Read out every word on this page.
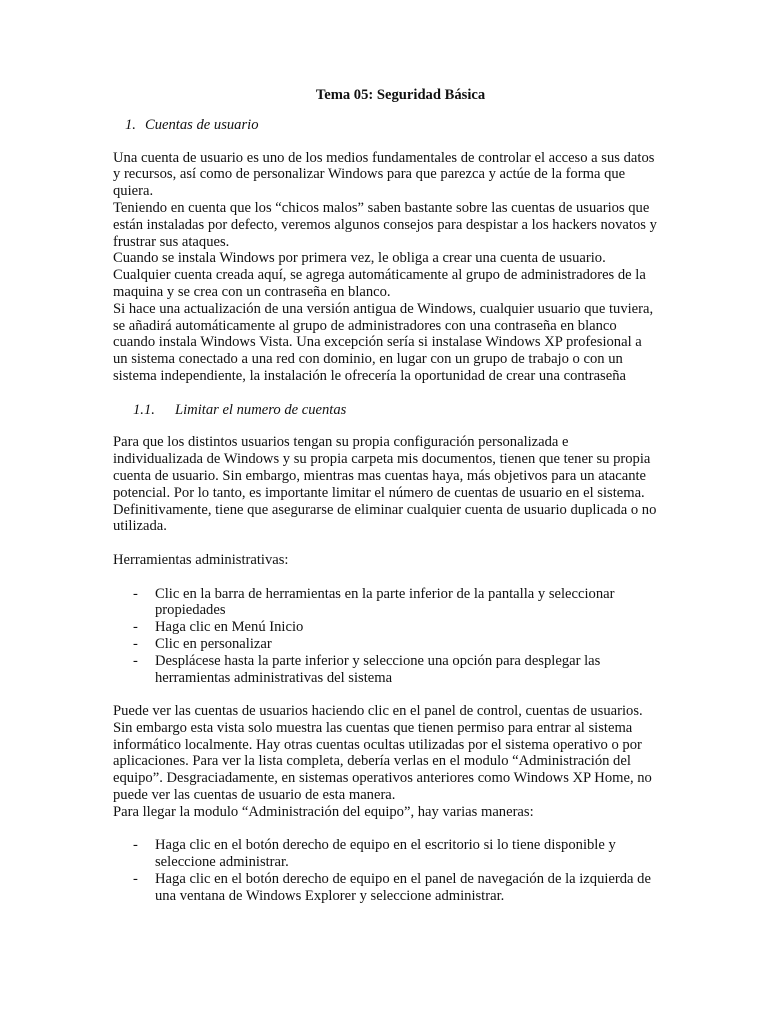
Tema 05: Seguridad Básica
1. Cuentas de usuario

Una cuenta de usuario es uno de los medios fundamentales de controlar el acceso a sus datos y recursos, así como de personalizar Windows para que parezca y actúe de la forma que quiera.

Teniendo en cuenta que los “chicos malos” saben bastante sobre las cuentas de usuarios que están instaladas por defecto, veremos algunos consejos para despistar a los hackers novatos y frustrar sus ataques.

Cuando se instala Windows por primera vez, le obliga a crear una cuenta de usuario. Cualquier cuenta creada aquí, se agrega automáticamente al grupo de administradores de la maquina y se crea con un contraseña en blanco.

Si hace una actualización de una versión antigua de Windows, cualquier usuario que tuviera, se añadirá automáticamente al grupo de administradores con una contraseña en blanco cuando instala Windows Vista. Una excepción sería si instalase Windows XP profesional a un sistema conectado a una red con dominio, en lugar con un grupo de trabajo o con un sistema independiente, la instalación le ofrecería la oportunidad de crear una contraseña

1.1. Limitar el numero de cuentas

Para que los distintos usuarios tengan su propia configuración personalizada e individualizada de Windows y su propia carpeta mis documentos, tienen que tener su propia cuenta de usuario. Sin embargo, mientras mas cuentas haya, más objetivos para un atacante potencial. Por lo tanto, es importante limitar el número de cuentas de usuario en el sistema. Definitivamente, tiene que asegurarse de eliminar cualquier cuenta de usuario duplicada o no utilizada.

Herramientas administrativas:

- Clic en la barra de herramientas en la parte inferior de la pantalla y seleccionar propiedades
- Haga clic en Menú Inicio
- Clic en personalizar
- Desplácese hasta la parte inferior y seleccione una opción para desplegar las herramientas administrativas del sistema

Puede ver las cuentas de usuarios haciendo clic en el panel de control, cuentas de usuarios. Sin embargo esta vista solo muestra las cuentas que tienen permiso para entrar al sistema informático localmente. Hay otras cuentas ocultas utilizadas por el sistema operativo o por aplicaciones. Para ver la lista completa, debería verlas en el modulo “Administración del equipo”. Desgraciadamente, en sistemas operativos anteriores como Windows XP Home, no puede ver las cuentas de usuario de esta manera.

Para llegar la modulo “Administración del equipo”, hay varias maneras:

- Haga clic en el botón derecho de equipo en el escritorio si lo tiene disponible y seleccione administrar.
- Haga clic en el botón derecho de equipo en el panel de navegación de la izquierda de una ventana de Windows Explorer y seleccione administrar.
